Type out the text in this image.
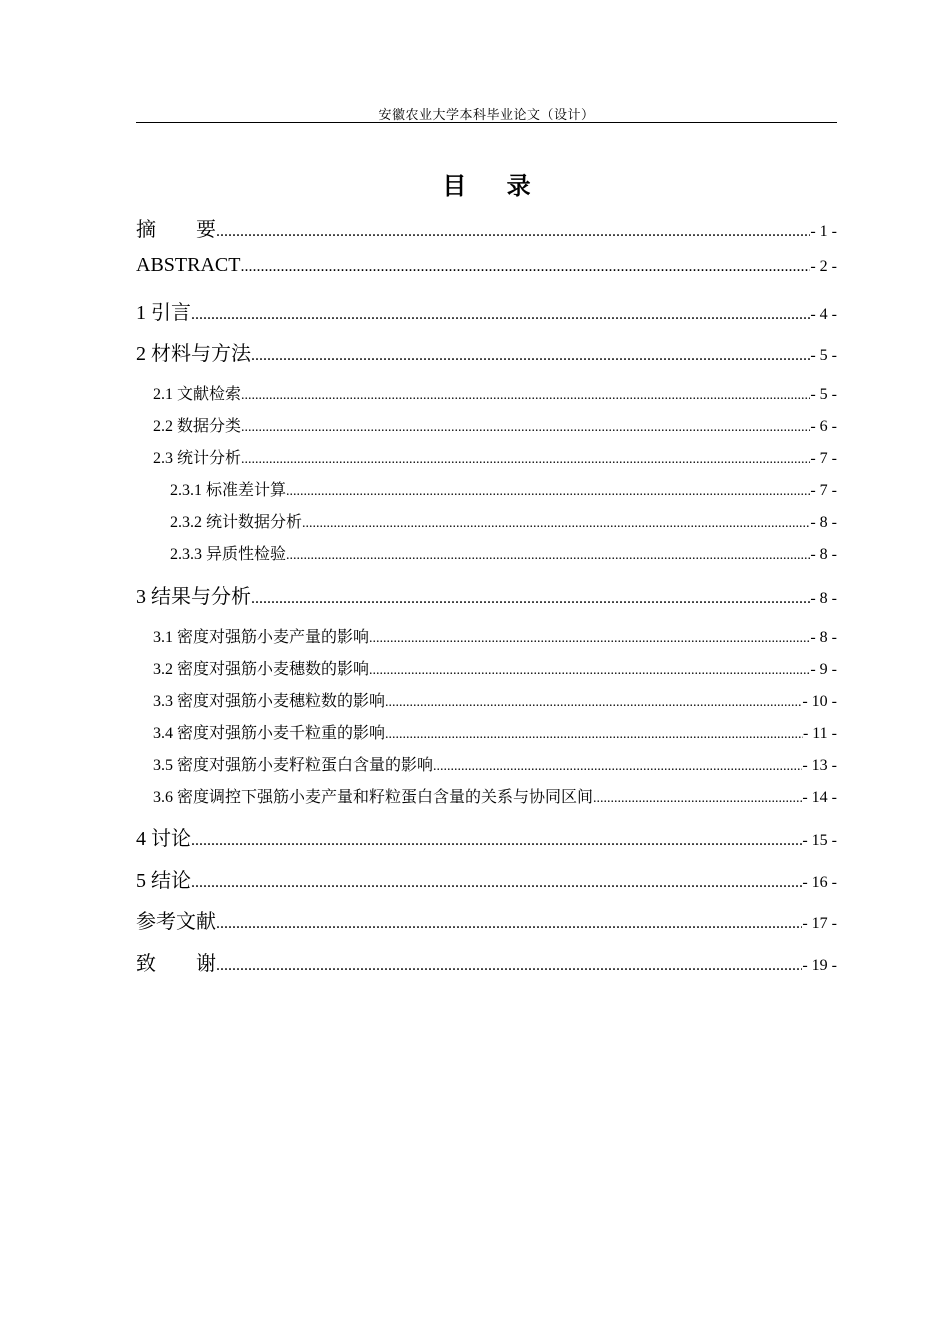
安徽农业大学本科毕业论文（设计）
目 录
摘　　要 .....	- 1 -
ABSTRACT .....	- 2 -
1 引言 .....	- 4 -
2 材料与方法 .....	- 5 -
2.1 文献检索 .....	- 5 -
2.2 数据分类 .....	- 6 -
2.3 统计分析 .....	- 7 -
2.3.1 标准差计算 .....	- 7 -
2.3.2 统计数据分析 .....	- 8 -
2.3.3 异质性检验 .....	- 8 -
3 结果与分析 .....	- 8 -
3.1 密度对强筋小麦产量的影响 .....	- 8 -
3.2 密度对强筋小麦穗数的影响 .....	- 9 -
3.3 密度对强筋小麦穗粒数的影响 .....	- 10 -
3.4 密度对强筋小麦千粒重的影响 .....	- 11 -
3.5 密度对强筋小麦籽粒蛋白含量的影响 .....	- 13 -
3.6 密度调控下强筋小麦产量和籽粒蛋白含量的关系与协同区间 .....	- 14 -
4 讨论 .....	- 15 -
5 结论 .....	- 16 -
参考文献 .....	- 17 -
致　　谢 .....	- 19 -
